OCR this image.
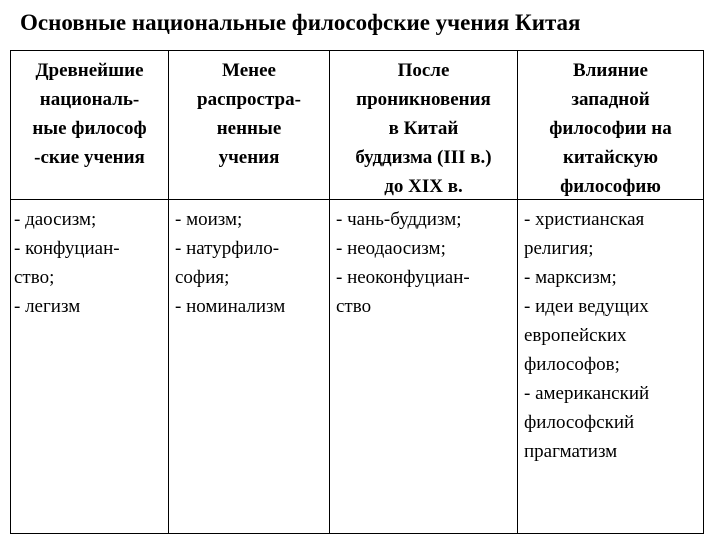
Основные национальные философские учения Китая
Древнейшие
националь-
ные философ
-ские учения
Менее
распростра-
ненные
учения
После
проникновения
в Китай
буддизма (III в.)
до XIX в.
Влияние
западной
философии на
китайскую
философию
- даосизм;
- конфуциан-
ство;
- легизм
- моизм;
- натурфило-
софия;
- номинализм
- чань-буддизм;
- неодаосизм;
- неоконфуциан-
ство
- христианская
религия;
- марксизм;
- идеи ведущих
европейских
философов;
- американский
философский
прагматизм
